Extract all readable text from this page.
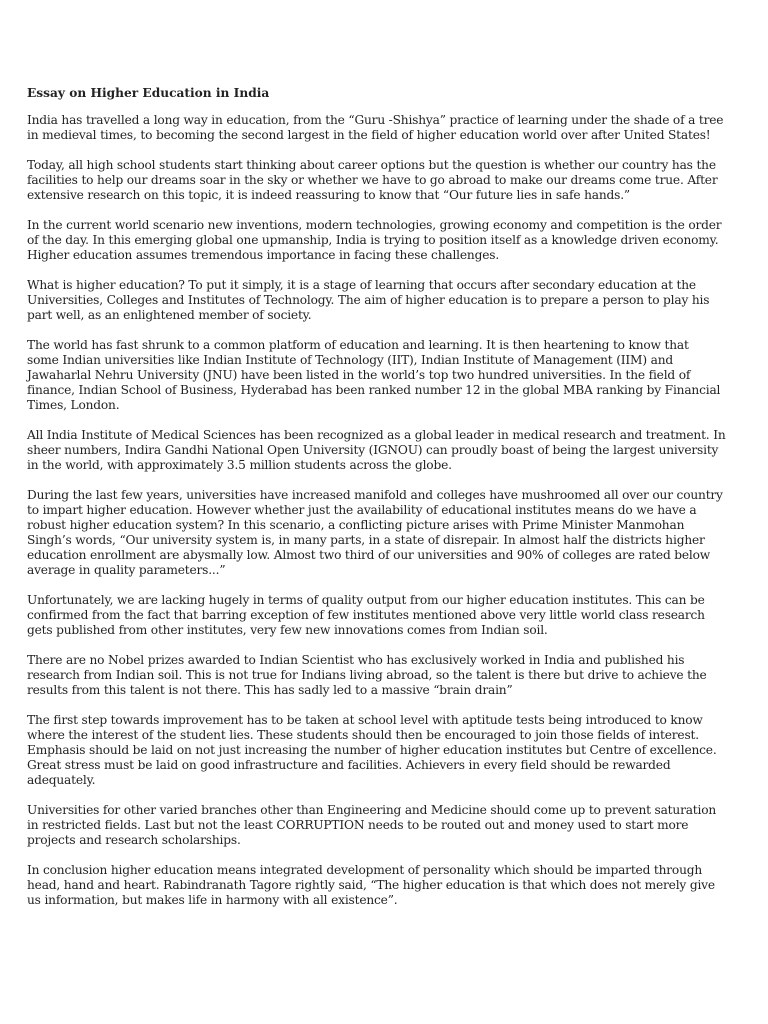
Essay on Higher Education in India
India has travelled a long way in education, from the “Guru -Shishya” practice of learning under the shade of a tree
in medieval times, to becoming the second largest in the field of higher education world over after United States!
Today, all high school students start thinking about career options but the question is whether our country has the
facilities to help our dreams soar in the sky or whether we have to go abroad to make our dreams come true. After
extensive research on this topic, it is indeed reassuring to know that “Our future lies in safe hands.”
In the current world scenario new inventions, modern technologies, growing economy and competition is the order
of the day. In this emerging global one upmanship, India is trying to position itself as a knowledge driven economy.
Higher education assumes tremendous importance in facing these challenges.
What is higher education? To put it simply, it is a stage of learning that occurs after secondary education at the
Universities, Colleges and Institutes of Technology. The aim of higher education is to prepare a person to play his
part well, as an enlightened member of society.
The world has fast shrunk to a common platform of education and learning. It is then heartening to know that
some Indian universities like Indian Institute of Technology (IIT), Indian Institute of Management (IIM) and
Jawaharlal Nehru University (JNU) have been listed in the world’s top two hundred universities. In the field of
finance, Indian School of Business, Hyderabad has been ranked number 12 in the global MBA ranking by Financial
Times, London.
All India Institute of Medical Sciences has been recognized as a global leader in medical research and treatment. In
sheer numbers, Indira Gandhi National Open University (IGNOU) can proudly boast of being the largest university
in the world, with approximately 3.5 million students across the globe.
During the last few years, universities have increased manifold and colleges have mushroomed all over our country
to impart higher education. However whether just the availability of educational institutes means do we have a
robust higher education system? In this scenario, a conflicting picture arises with Prime Minister Manmohan
Singh’s words, “Our university system is, in many parts, in a state of disrepair. In almost half the districts higher
education enrollment are abysmally low. Almost two third of our universities and 90% of colleges are rated below
average in quality parameters...”
Unfortunately, we are lacking hugely in terms of quality output from our higher education institutes. This can be
confirmed from the fact that barring exception of few institutes mentioned above very little world class research
gets published from other institutes, very few new innovations comes from Indian soil.
There are no Nobel prizes awarded to Indian Scientist who has exclusively worked in India and published his
research from Indian soil. This is not true for Indians living abroad, so the talent is there but drive to achieve the
results from this talent is not there. This has sadly led to a massive “brain drain”
The first step towards improvement has to be taken at school level with aptitude tests being introduced to know
where the interest of the student lies. These students should then be encouraged to join those fields of interest.
Emphasis should be laid on not just increasing the number of higher education institutes but Centre of excellence.
Great stress must be laid on good infrastructure and facilities. Achievers in every field should be rewarded
adequately.
Universities for other varied branches other than Engineering and Medicine should come up to prevent saturation
in restricted fields. Last but not the least CORRUPTION needs to be routed out and money used to start more
projects and research scholarships.
In conclusion higher education means integrated development of personality which should be imparted through
head, hand and heart. Rabindranath Tagore rightly said, “The higher education is that which does not merely give
us information, but makes life in harmony with all existence”.
